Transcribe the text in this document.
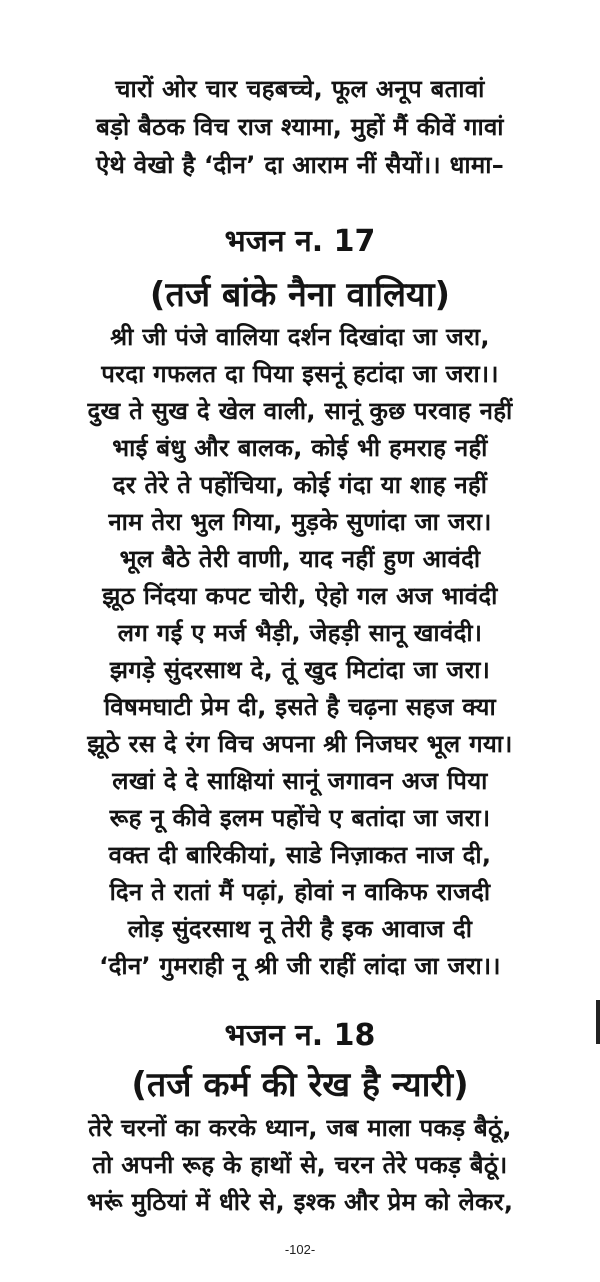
चारों ओर चार चहबच्चे, फूल अनूप बतावां
बड़ो बैठक विच राज श्यामा, मुहों मैं कीवें गावां
ऐथे वेखो है ‘दीन’ दा आराम नीं सैयों।। धामा–
भजन न. 17
(तर्ज बांके नैना वालिया)
श्री जी पंजे वालिया दर्शन दिखांदा जा जरा,
परदा गफलत दा पिया इसनूं हटांदा जा जरा।।
दुख ते सुख दे खेल वाली, सानूं कुछ परवाह नहीं
भाई बंधु और बालक, कोई भी हमराह नहीं
दर तेरे ते पहोंचिया, कोई गंदा या शाह नहीं
नाम तेरा भुल गिया, मुड़के सुणांदा जा जरा।
भूल बैठे तेरी वाणी, याद नहीं हुण आवंदी
झूठ निंदया कपट चोरी, ऐहो गल अज भावंदी
लग गई ए मर्ज भैड़ी, जेहड़ी सानू खावंदी।
झगड़े सुंदरसाथ दे, तूं खुद मिटांदा जा जरा।
विषमघाटी प्रेम दी, इसते है चढ़ना सहज क्या
झूठे रस दे रंग विच अपना श्री निजघर भूल गया।
लखां दे दे साक्षियां सानूं जगावन अज पिया
रूह नू कीवे इलम पहोंचे ए बतांदा जा जरा।
वक्त दी बारिकीयां, साडे निज़ाकत नाज दी,
दिन ते रातां मैं पढ़ां, होवां न वाकिफ राजदी
लोड़ सुंदरसाथ नू तेरी है इक आवाज दी
‘दीन’ गुमराही नू श्री जी राहीं लांदा जा जरा।।
भजन न. 18
(तर्ज कर्म की रेख है न्यारी)
तेरे चरनों का करके ध्यान, जब माला पकड़ बैठूं,
तो अपनी रूह के हाथों से, चरन तेरे पकड़ बैठूं।
भरूं मुठियां में धीरे से, इश्क और प्रेम को लेकर,
-102-
